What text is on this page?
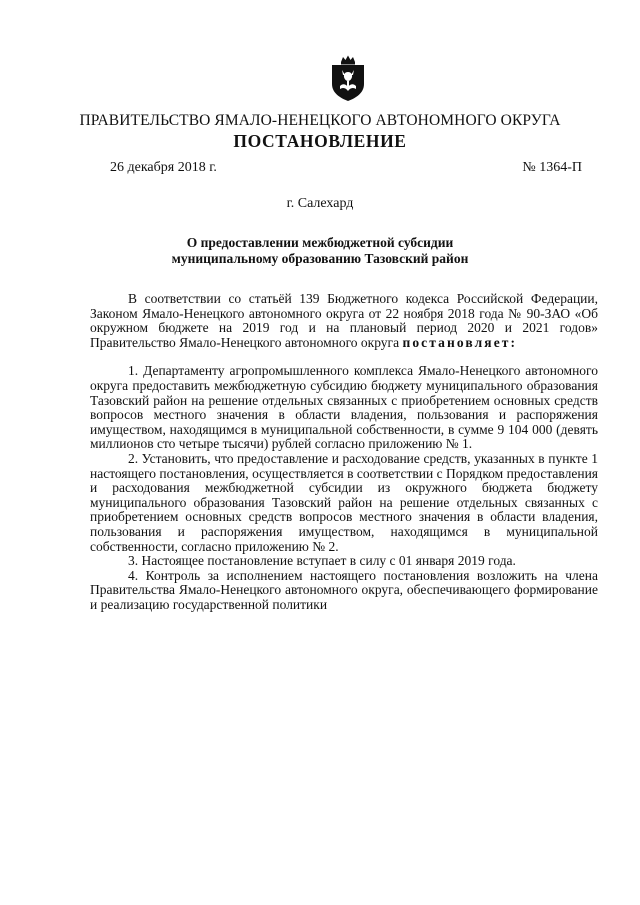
ПРАВИТЕЛЬСТВО ЯМАЛО-НЕНЕЦКОГО АВТОНОМНОГО ОКРУГА
ПОСТАНОВЛЕНИЕ
26 декабря 2018 г.	№ 1364-П
г. Салехард
О предоставлении межбюджетной субсидии
муниципальному образованию Тазовский район

В соответствии со статьёй 139 Бюджетного кодекса Российской Федерации, Законом Ямало-Ненецкого автономного округа от 22 ноября 2018 года № 90-ЗАО «Об окружном бюджете на 2019 год и на плановый период 2020 и 2021 годов» Правительство Ямало-Ненецкого автономного округа постановляет:

1. Департаменту агропромышленного комплекса Ямало-Ненецкого автономного округа предоставить межбюджетную субсидию бюджету муниципального образования Тазовский район на решение отдельных связанных с приобретением основных средств вопросов местного значения в области владения, пользования и распоряжения имуществом, находящимся в муниципальной собственности, в сумме 9 104 000 (девять миллионов сто четыре тысячи) рублей согласно приложению № 1.

2. Установить, что предоставление и расходование средств, указанных в пункте 1 настоящего постановления, осуществляется в соответствии с Порядком предоставления и расходования межбюджетной субсидии из окружного бюджета бюджету муниципального образования Тазовский район на решение отдельных связанных с приобретением основных средств вопросов местного значения в области владения, пользования и распоряжения имуществом, находящимся в муниципальной собственности, согласно приложению № 2.

3. Настоящее постановление вступает в силу с 01 января 2019 года.

4. Контроль за исполнением настоящего постановления возложить на члена Правительства Ямало-Ненецкого автономного округа, обеспечивающего формирование и реализацию государственной политики
